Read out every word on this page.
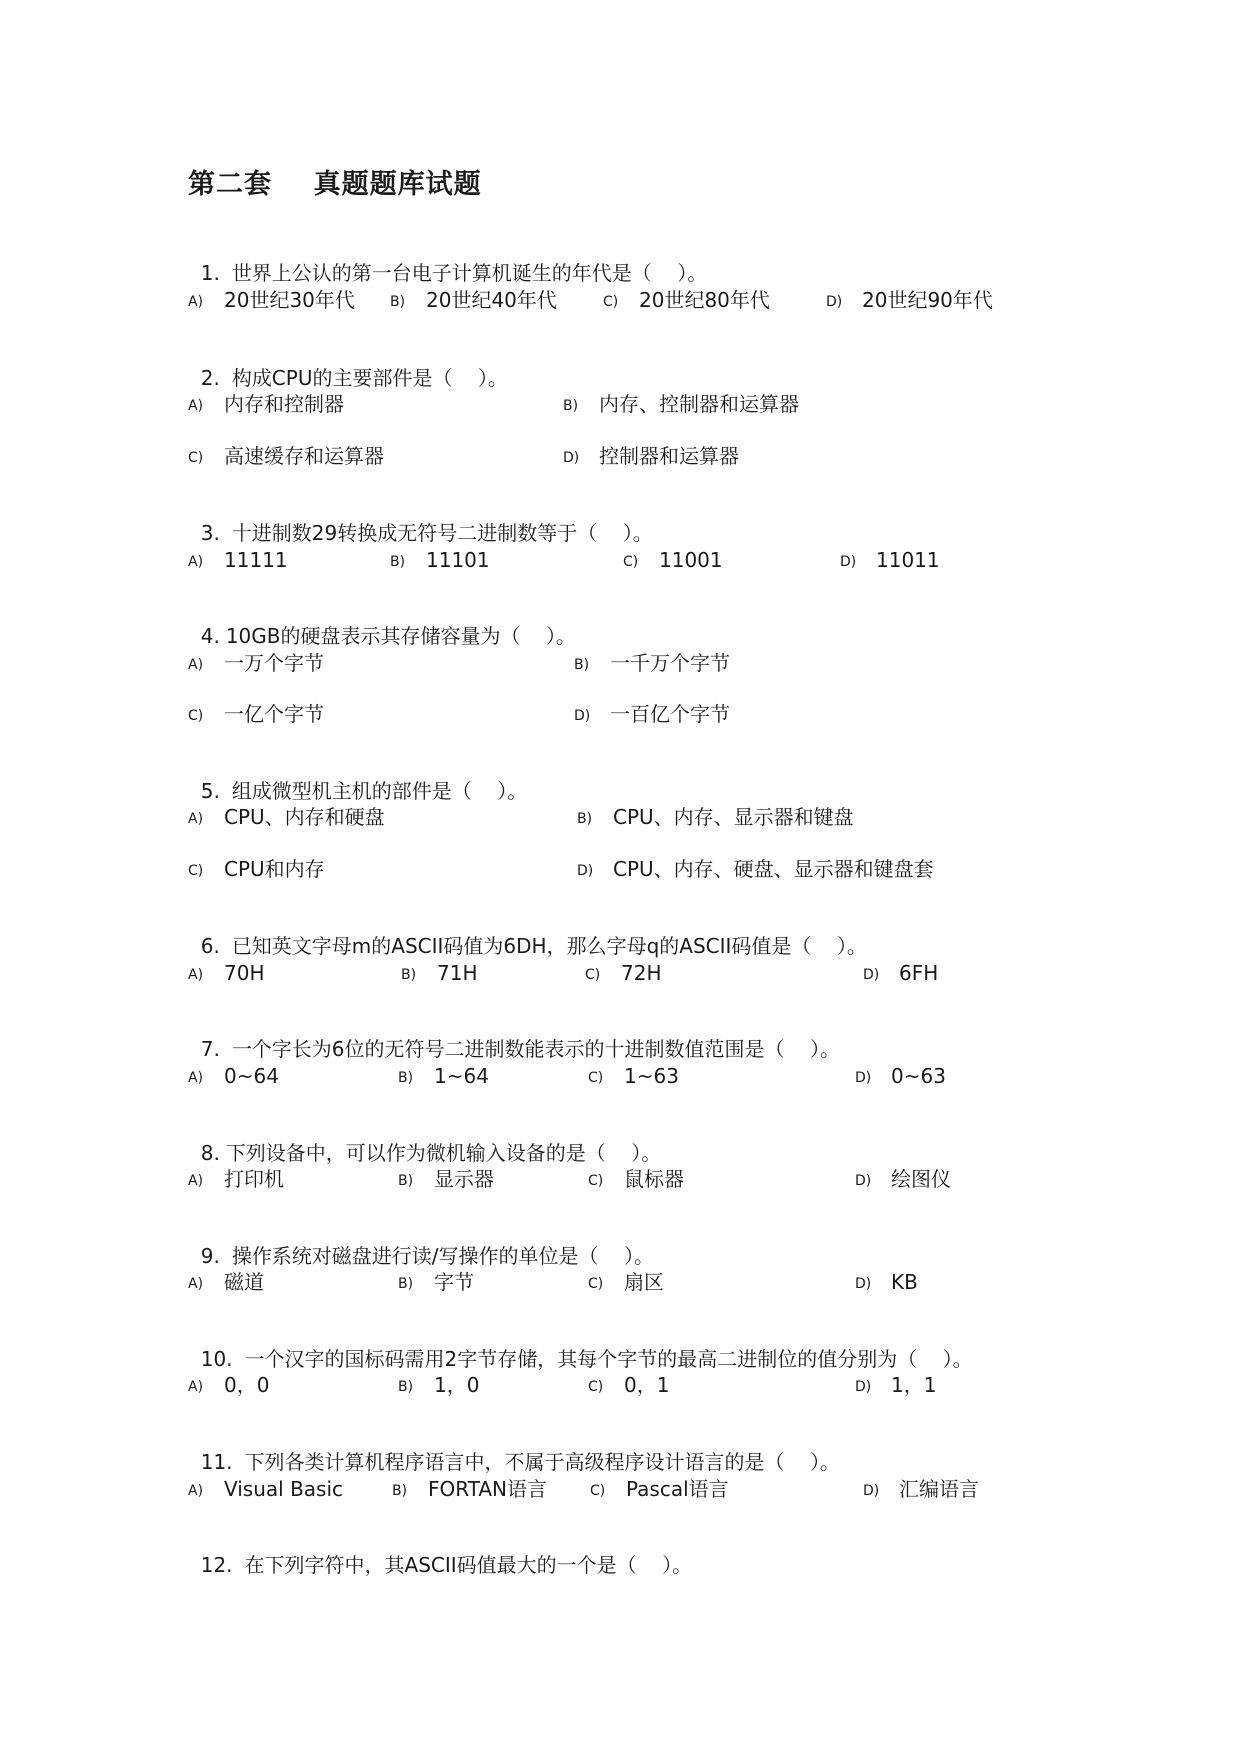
第二套    真题题库试题

1. 世界上公认的第一台电子计算机诞生的年代是（    ）。

A) 20世纪30年代	B) 20世纪40年代	C) 20世纪80年代	D) 20世纪90年代

2. 构成CPU的主要部件是（    ）。

A) 内存和控制器	B) 内存、控制器和运算器
C) 高速缓存和运算器	D) 控制器和运算器

3. 十进制数29转换成无符号二进制数等于（    ）。

A) 11111	B) 11101	C) 11001	D) 11011

4. 10GB的硬盘表示其存储容量为（    ）。

A) 一万个字节	B) 一千万个字节
C) 一亿个字节	D) 一百亿个字节

5. 组成微型机主机的部件是（    ）。

A) CPU、内存和硬盘	B) CPU、内存、显示器和键盘
C) CPU和内存	D) CPU、内存、硬盘、显示器和键盘套

6. 已知英文字母m的ASCII码值为6DH，那么字母q的ASCII码值是（    ）。

A) 70H	B) 71H	C) 72H	D) 6FH

7. 一个字长为6位的无符号二进制数能表示的十进制数值范围是（    ）。

A) 0~64	B) 1~64	C) 1~63	D) 0~63

8. 下列设备中，可以作为微机输入设备的是（    ）。

A) 打印机	B) 显示器	C) 鼠标器	D) 绘图仪

9. 操作系统对磁盘进行读/写操作的单位是（    ）。

A) 磁道	B) 字节	C) 扇区	D) KB

10. 一个汉字的国标码需用2字节存储，其每个字节的最高二进制位的值分别为（    ）。

A) 0，0	B) 1，0	C) 0，1	D) 1，1

11. 下列各类计算机程序语言中，不属于高级程序设计语言的是（    ）。

A) Visual Basic	B) FORTAN语言	C) Pascal语言	D) 汇编语言

12. 在下列字符中，其ASCII码值最大的一个是（    ）。
